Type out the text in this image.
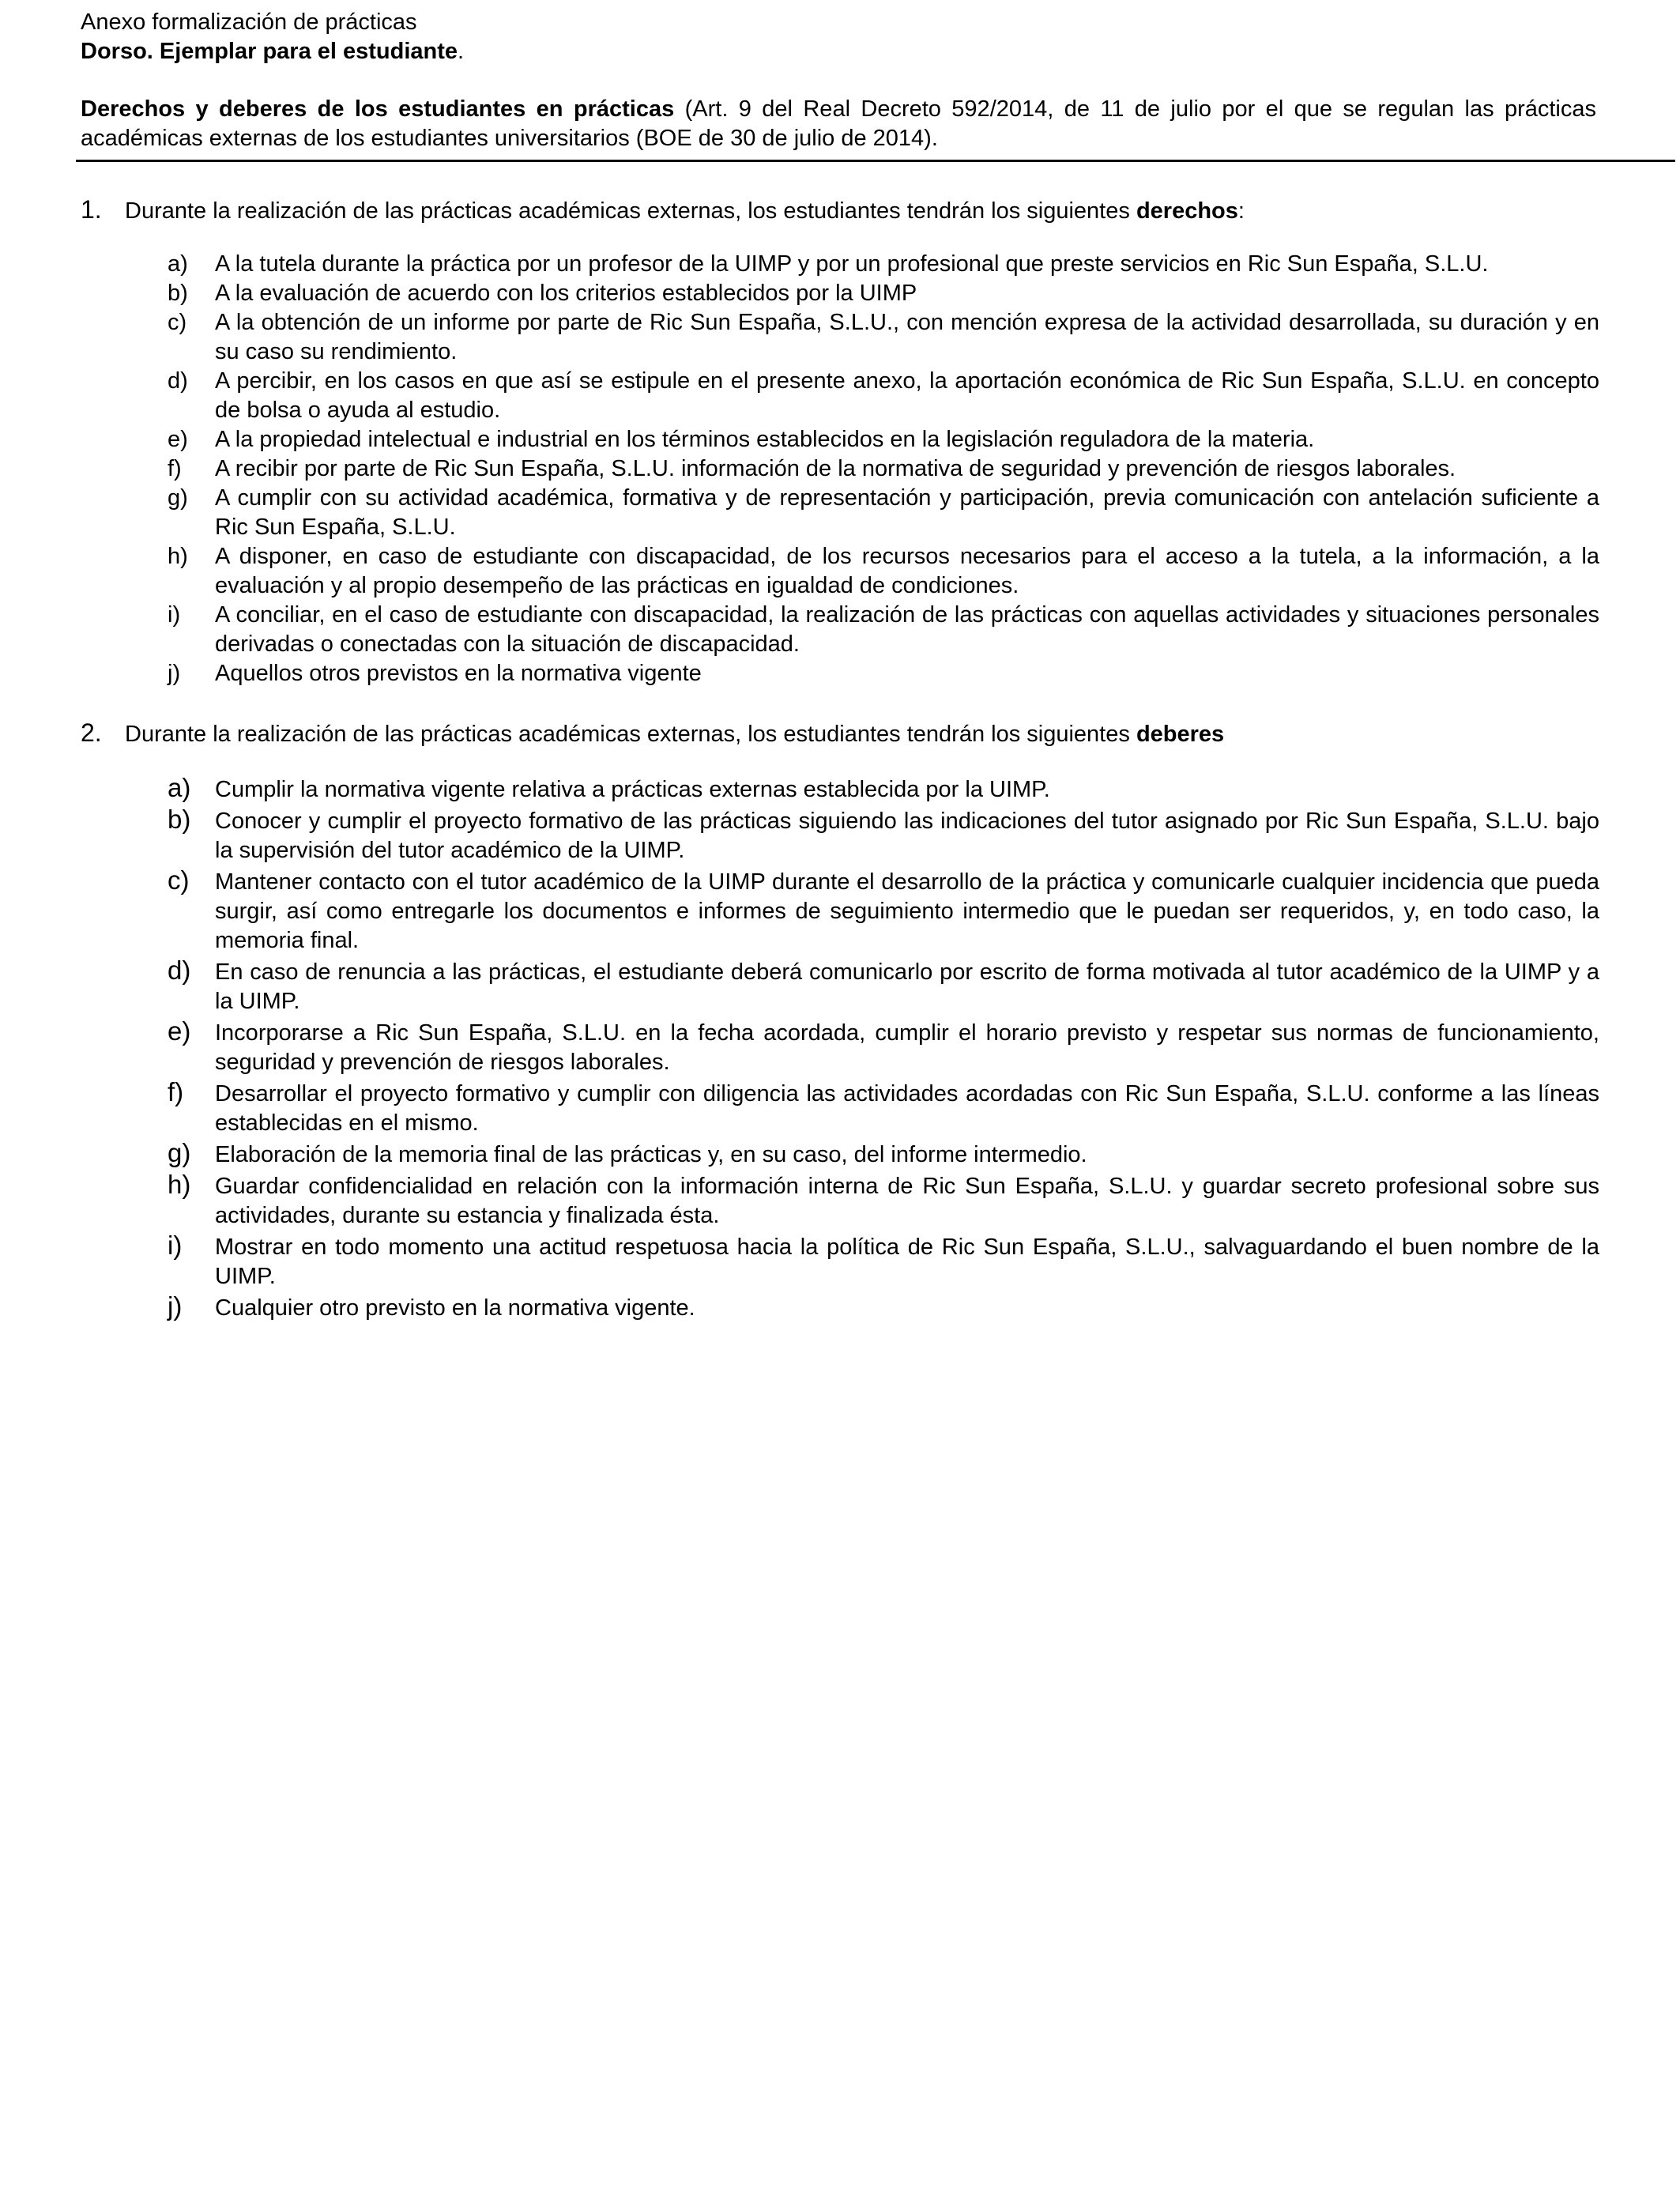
Anexo formalización de prácticas

Dorso. Ejemplar para el estudiante.

Derechos y deberes de los estudiantes en prácticas (Art. 9 del Real Decreto 592/2014, de 11 de julio por el que se regulan las prácticas académicas externas de los estudiantes universitarios (BOE de 30 de julio de 2014).
1.	Durante la realización de las prácticas académicas externas, los estudiantes tendrán los siguientes derechos:
a)	A la tutela durante la práctica por un profesor de la UIMP y por un profesional que preste servicios en Ric Sun España, S.L.U.
b)	A la evaluación de acuerdo con los criterios establecidos por la UIMP
c)	A la obtención de un informe por parte de Ric Sun España, S.L.U., con mención expresa de la actividad desarrollada, su duración y en su caso su rendimiento.
d)	A percibir, en los casos en que así se estipule en el presente anexo, la aportación económica de Ric Sun España, S.L.U. en concepto de bolsa o ayuda al estudio.
e)	A la propiedad intelectual e industrial en los términos establecidos en la legislación reguladora de la materia.
f)	A recibir por parte de Ric Sun España, S.L.U. información de la normativa de seguridad y prevención de riesgos laborales.
g)	A cumplir con su actividad académica, formativa y de representación y participación, previa comunicación con antelación suficiente a Ric Sun España, S.L.U.
h)	A disponer, en caso de estudiante con discapacidad, de los recursos necesarios para el acceso a la tutela, a la información, a la evaluación y al propio desempeño de las prácticas en igualdad de condiciones.
i)	A conciliar, en el caso de estudiante con discapacidad, la realización de las prácticas con aquellas actividades y situaciones personales derivadas o conectadas con la situación de discapacidad.
j)	Aquellos otros previstos en la normativa vigente
2.	Durante la realización de las prácticas académicas externas, los estudiantes tendrán los siguientes deberes
a)	Cumplir la normativa vigente relativa a prácticas externas establecida por la UIMP.
b)	Conocer y cumplir el proyecto formativo de las prácticas siguiendo las indicaciones del tutor asignado por Ric Sun España, S.L.U. bajo la supervisión del tutor académico de la UIMP.
c)	Mantener contacto con el tutor académico de la UIMP durante el desarrollo de la práctica y comunicarle cualquier incidencia que pueda surgir, así como entregarle los documentos e informes de seguimiento intermedio que le puedan ser requeridos, y, en todo caso, la memoria final.
d)	En caso de renuncia a las prácticas, el estudiante deberá comunicarlo por escrito de forma motivada al tutor académico de la UIMP y a la UIMP.
e)	Incorporarse a Ric Sun España, S.L.U. en la fecha acordada, cumplir el horario previsto y respetar sus normas de funcionamiento, seguridad y prevención de riesgos laborales.
f)	Desarrollar el proyecto formativo y cumplir con diligencia las actividades acordadas con Ric Sun España, S.L.U. conforme a las líneas establecidas en el mismo.
g)	Elaboración de la memoria final de las prácticas y, en su caso, del informe intermedio.
h)	Guardar confidencialidad en relación con la información interna de Ric Sun España, S.L.U. y guardar secreto profesional sobre sus actividades, durante su estancia y finalizada ésta.
i)	Mostrar en todo momento una actitud respetuosa hacia la política de Ric Sun España, S.L.U., salvaguardando el buen nombre de la UIMP.
j)	Cualquier otro previsto en la normativa vigente.
